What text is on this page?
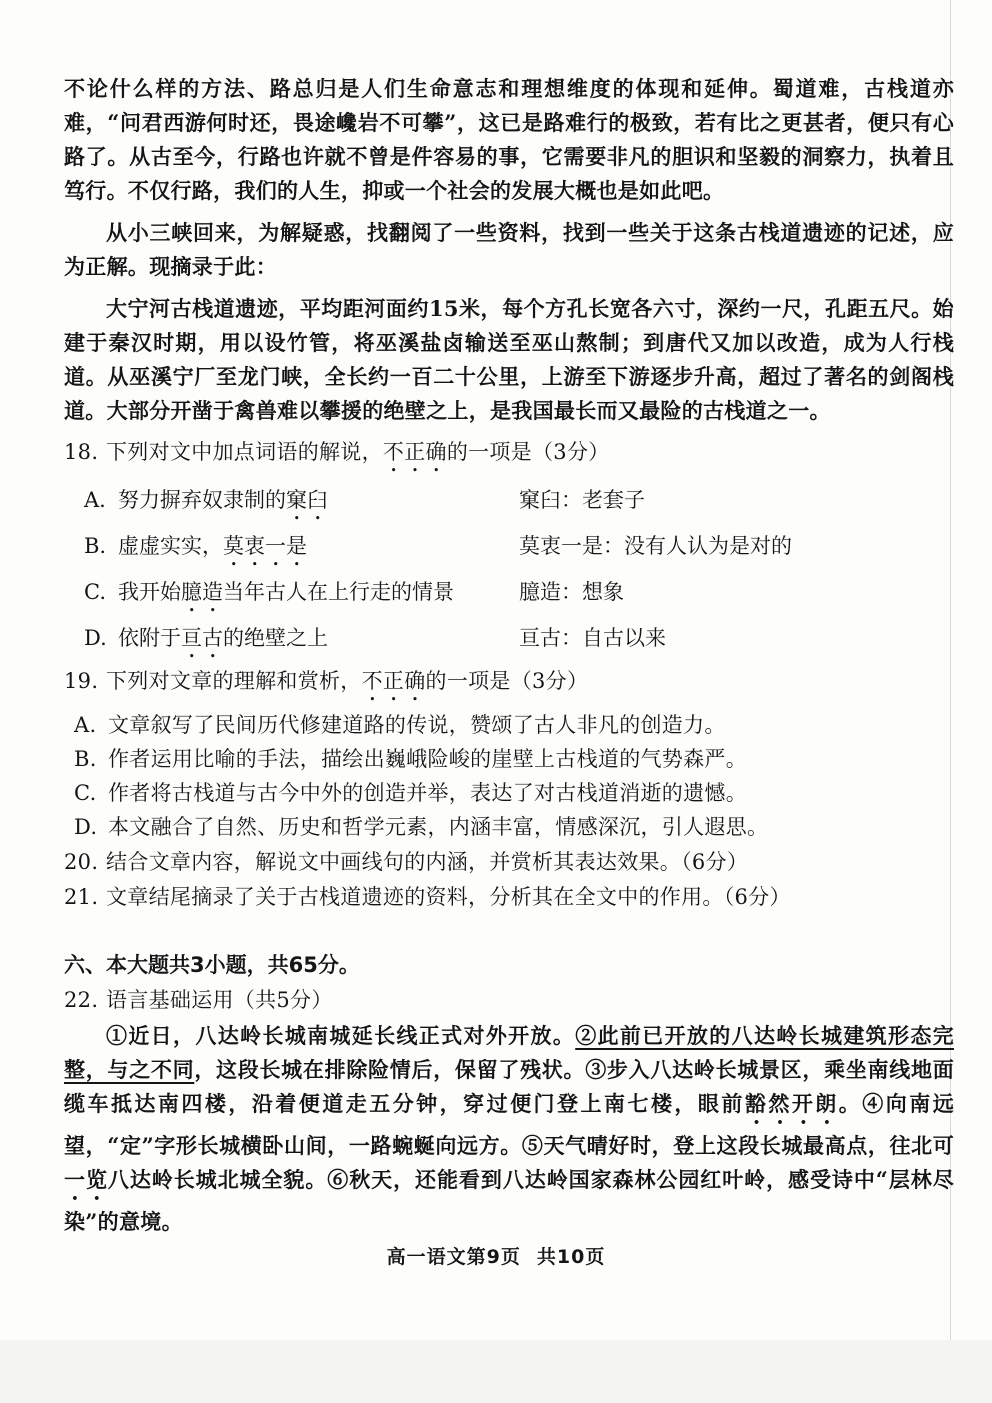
不论什么样的方法、路总归是人们生命意志和理想维度的体现和延伸。蜀道难，古栈道亦难，“问君西游何时还，畏途巉岩不可攀”，这已是路难行的极致，若有比之更甚者，便只有心路了。从古至今，行路也许就不曾是件容易的事，它需要非凡的胆识和坚毅的洞察力，执着且笃行。不仅行路，我们的人生，抑或一个社会的发展大概也是如此吧。

从小三峡回来，为解疑惑，找翻阅了一些资料，找到一些关于这条古栈道遗迹的记述，应为正解。现摘录于此：

大宁河古栈道遗迹，平均距河面约15米，每个方孔长宽各六寸，深约一尺，孔距五尺。始建于秦汉时期，用以设竹管，将巫溪盐卤输送至巫山熬制；到唐代又加以改造，成为人行栈道。从巫溪宁厂至龙门峡，全长约一百二十公里，上游至下游逐步升高，超过了著名的剑阁栈道。大部分开凿于禽兽难以攀援的绝壁之上，是我国最长而又最险的古栈道之一。

18. 下列对文中加点词语的解说，不正确的一项是（3分）
A. 努力摒弃奴隶制的窠臼	窠臼：老套子
B. 虚虚实实，莫衷一是	莫衷一是：没有人认为是对的
C. 我开始臆造当年古人在上行走的情景	臆造：想象
D. 依附于亘古的绝壁之上	亘古：自古以来
19. 下列对文章的理解和赏析，不正确的一项是（3分）
A. 文章叙写了民间历代修建道路的传说，赞颂了古人非凡的创造力。
B. 作者运用比喻的手法，描绘出巍峨险峻的崖壁上古栈道的气势森严。
C. 作者将古栈道与古今中外的创造并举，表达了对古栈道消逝的遗憾。
D. 本文融合了自然、历史和哲学元素，内涵丰富，情感深沉，引人遐思。
20. 结合文章内容，解说文中画线句的内涵，并赏析其表达效果。（6分）
21. 文章结尾摘录了关于古栈道遗迹的资料，分析其在全文中的作用。（6分）
六、本大题共3小题，共65分。
22. 语言基础运用（共5分）

①近日，八达岭长城南城延长线正式对外开放。②此前已开放的八达岭长城建筑形态完整，与之不同，这段长城在排除险情后，保留了残状。③步入八达岭长城景区，乘坐南线地面缆车抵达南四楼，沿着便道走五分钟，穿过便门登上南七楼，眼前豁然开朗。④向南远望，“定”字形长城横卧山间，一路蜿蜒向远方。⑤天气晴好时，登上这段长城最高点，往北可一览八达岭长城北城全貌。⑥秋天，还能看到八达岭国家森林公园红叶岭，感受诗中“层林尽染”的意境。

高一语文第9页 共10页
